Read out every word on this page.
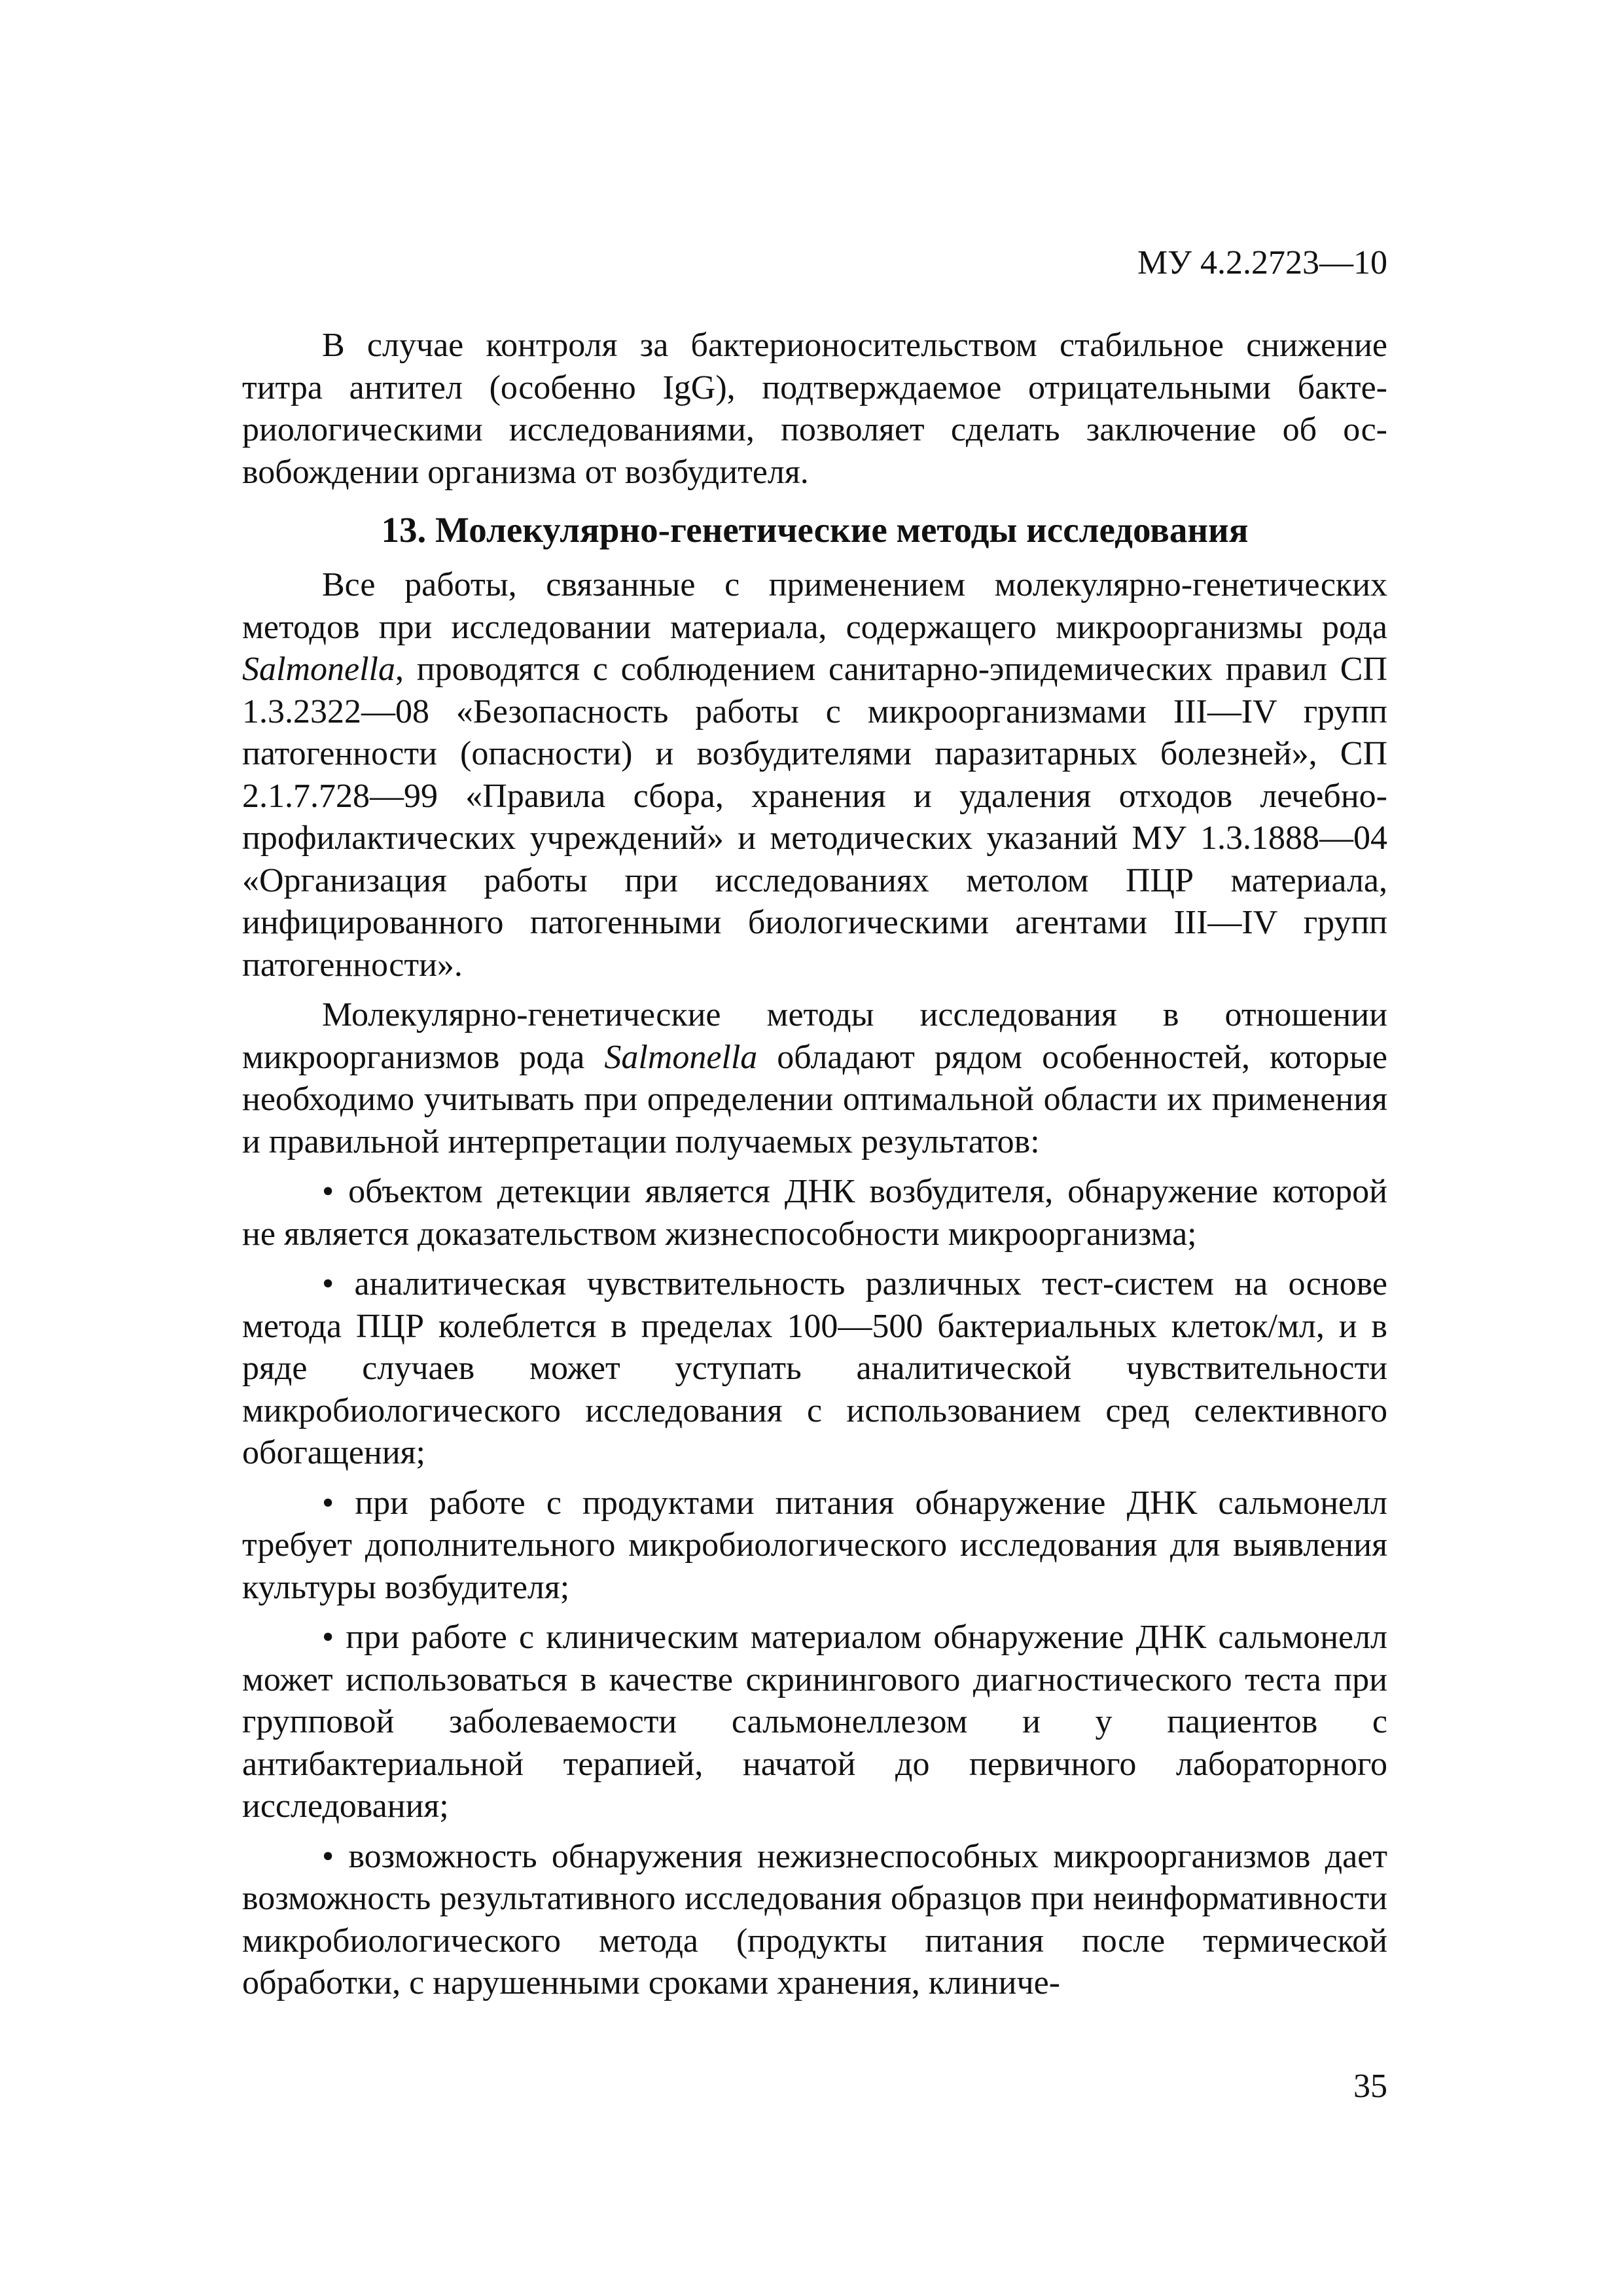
МУ 4.2.2723—10

В случае контроля за бактерионосительством стабильное снижение титра антител (особенно IgG), подтверждаемое отрицательными бактериологическими исследованиями, позволяет сделать заключение об освобождении организма от возбудителя.

13. Молекулярно-генетические методы исследования

Все работы, связанные с применением молекулярно-генетических методов при исследовании материала, содержащего микроорганизмы рода Salmonella, проводятся с соблюдением санитарно-эпидемических правил СП 1.3.2322—08 «Безопасность работы с микроорганизмами III—IV групп патогенности (опасности) и возбудителями паразитарных болезней», СП 2.1.7.728—99 «Правила сбора, хранения и удаления отходов лечебно-профилактических учреждений» и методических указаний МУ 1.3.1888—04 «Организация работы при исследованиях метолом ПЦР материала, инфицированного патогенными биологическими агентами III—IV групп патогенности».

Молекулярно-генетические методы исследования в отношении микроорганизмов рода Salmonella обладают рядом особенностей, которые необходимо учитывать при определении оптимальной области их применения и правильной интерпретации получаемых результатов:

• объектом детекции является ДНК возбудителя, обнаружение которой не является доказательством жизнеспособности микроорганизма;

• аналитическая чувствительность различных тест-систем на основе метода ПЦР колеблется в пределах 100—500 бактериальных клеток/мл, и в ряде случаев может уступать аналитической чувствительности микробиологического исследования с использованием сред селективного обогащения;

• при работе с продуктами питания обнаружение ДНК сальмонелл требует дополнительного микробиологического исследования для выявления культуры возбудителя;

• при работе с клиническим материалом обнаружение ДНК сальмонелл может использоваться в качестве скринингового диагностического теста при групповой заболеваемости сальмонеллезом и у пациентов с антибактериальной терапией, начатой до первичного лабораторного исследования;

• возможность обнаружения нежизнеспособных микроорганизмов дает возможность результативного исследования образцов при неинформативности микробиологического метода (продукты питания после термической обработки, с нарушенными сроками хранения, клиниче-

35
